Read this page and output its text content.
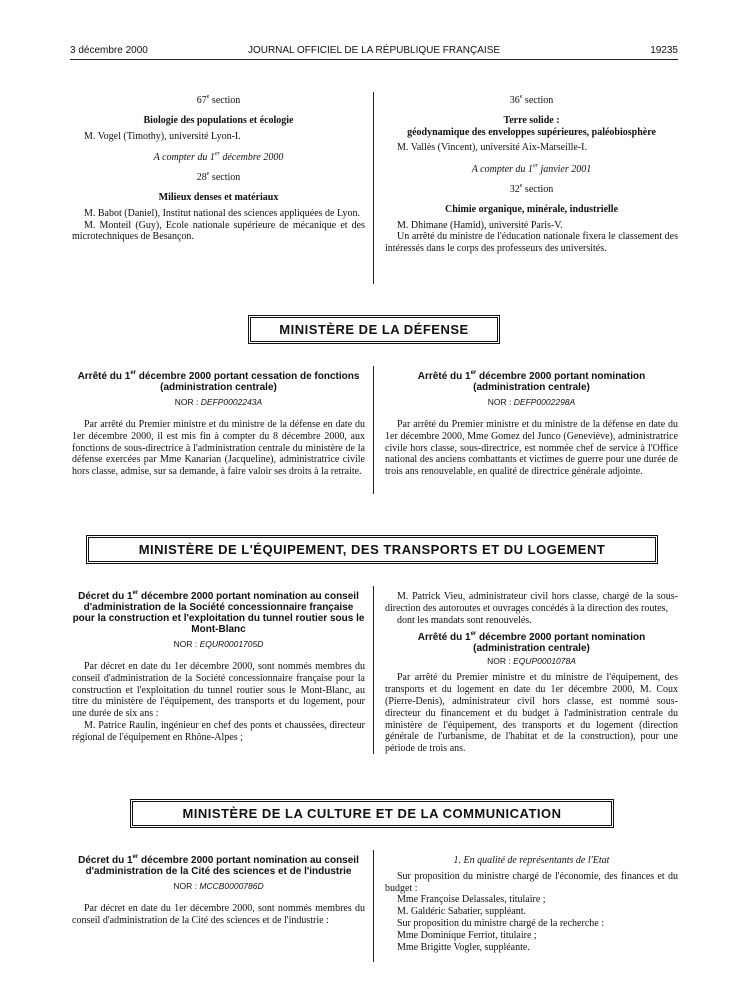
3 décembre 2000	JOURNAL OFFICIEL DE LA RÉPUBLIQUE FRANÇAISE	19235

67e section

Biologie des populations et écologie

M. Vogel (Timothy), université Lyon-I.

A compter du 1er décembre 2000

28e section

Milieux denses et matériaux

M. Babot (Daniel), Institut national des sciences appliquées de Lyon.

M. Monteil (Guy), Ecole nationale supérieure de mécanique et des microtechniques de Besançon.

36e section

Terre solide :

géodynamique des enveloppes supérieures, paléobiosphère

M. Vallès (Vincent), université Aix-Marseille-I.

A compter du 1er janvier 2001

32e section

Chimie organique, minérale, industrielle

M. Dhimane (Hamid), université Paris-V.

Un arrêté du ministre de l'éducation nationale fixera le classement des intéressés dans le corps des professeurs des universités.

MINISTÈRE DE LA DÉFENSE

Arrêté du 1er décembre 2000 portant cessation de fonctions (administration centrale)

NOR : DEFP0002243A

Par arrêté du Premier ministre et du ministre de la défense en date du 1er décembre 2000, il est mis fin à compter du 8 décembre 2000, aux fonctions de sous-directrice à l'administration centrale du ministère de la défense exercées par Mme Kanarian (Jacqueline), administratrice civile hors classe, admise, sur sa demande, à faire valoir ses droits à la retraite.

Arrêté du 1er décembre 2000 portant nomination (administration centrale)

NOR : DEFP0002298A

Par arrêté du Premier ministre et du ministre de la défense en date du 1er décembre 2000, Mme Gomez del Junco (Geneviève), administratrice civile hors classe, sous-directrice, est nommée chef de service à l'Office national des anciens combattants et victimes de guerre pour une durée de trois ans renouvelable, en qualité de directrice générale adjointe.

MINISTÈRE DE L'ÉQUIPEMENT, DES TRANSPORTS ET DU LOGEMENT

Décret du 1er décembre 2000 portant nomination au conseil d'administration de la Société concessionnaire française pour la construction et l'exploitation du tunnel routier sous le Mont-Blanc

NOR : EQUR0001705D

Par décret en date du 1er décembre 2000, sont nommés membres du conseil d'administration de la Société concessionnaire française pour la construction et l'exploitation du tunnel routier sous le Mont-Blanc, au titre du ministère de l'équipement, des transports et du logement, pour une durée de six ans :

M. Patrice Raulin, ingénieur en chef des ponts et chaussées, directeur régional de l'équipement en Rhône-Alpes ;

M. Patrick Vieu, administrateur civil hors classe, chargé de la sous-direction des autoroutes et ouvrages concédés à la direction des routes,

dont les mandats sont renouvelés.

Arrêté du 1er décembre 2000 portant nomination (administration centrale)

NOR : EQUP0001078A

Par arrêté du Premier ministre et du ministre de l'équipement, des transports et du logement en date du 1er décembre 2000, M. Coux (Pierre-Denis), administrateur civil hors classe, est nommé sous-directeur du financement et du budget à l'administration centrale du ministère de l'équipement, des transports et du logement (direction générale de l'urbanisme, de l'habitat et de la construction), pour une période de trois ans.

MINISTÈRE DE LA CULTURE ET DE LA COMMUNICATION

Décret du 1er décembre 2000 portant nomination au conseil d'administration de la Cité des sciences et de l'industrie

NOR : MCCB0000786D

Par décret en date du 1er décembre 2000, sont nommés membres du conseil d'administration de la Cité des sciences et de l'industrie :

1. En qualité de représentants de l'Etat

Sur proposition du ministre chargé de l'économie, des finances et du budget :

Mme Françoise Delassales, titulaire ;

M. Galdéric Sabatier, suppléant.

Sur proposition du ministre chargé de la recherche :

Mme Dominique Ferriot, titulaire ;

Mme Brigitte Vogler, suppléante.
